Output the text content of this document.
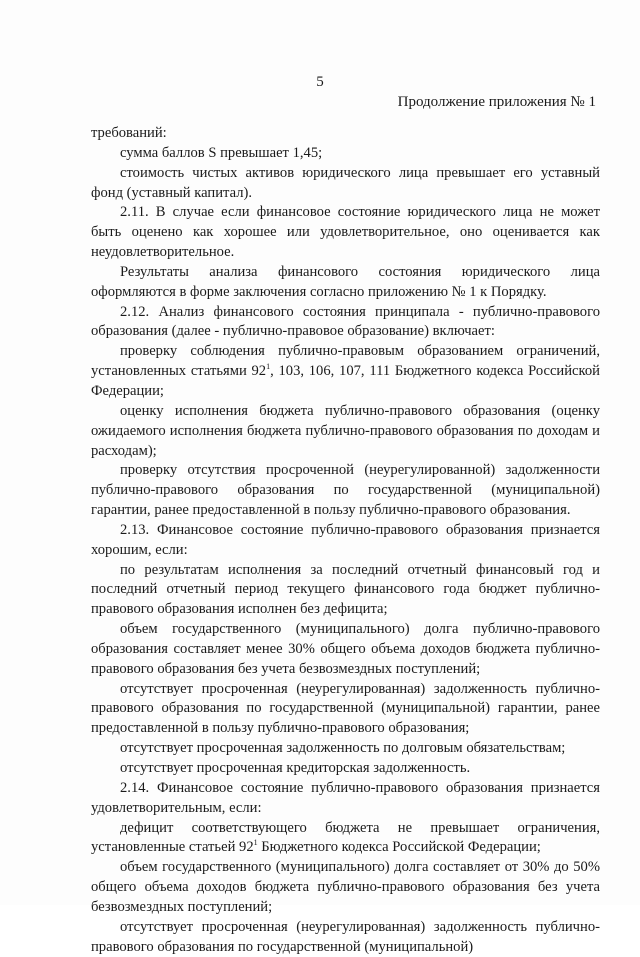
5
Продолжение приложения № 1

требований:

сумма баллов S превышает 1,45;

стоимость чистых активов юридического лица превышает его уставный фонд (уставный капитал).

2.11. В случае если финансовое состояние юридического лица не может быть оценено как хорошее или удовлетворительное, оно оценивается как неудовлетворительное.

Результаты анализа финансового состояния юридического лица оформляются в форме заключения согласно приложению № 1 к Порядку.

2.12. Анализ финансового состояния принципала - публично-правового образования (далее - публично-правовое образование) включает:

проверку соблюдения публично-правовым образованием ограничений, установленных статьями $92^1$, 103, 106, 107, 111 Бюджетного кодекса Российской Федерации;

оценку исполнения бюджета публично-правового образования (оценку ожидаемого исполнения бюджета публично-правового образования по доходам и расходам);

проверку отсутствия просроченной (неурегулированной) задолженности публично-правового образования по государственной (муниципальной) гарантии, ранее предоставленной в пользу публично-правового образования.

2.13. Финансовое состояние публично-правового образования признается хорошим, если:

по результатам исполнения за последний отчетный финансовый год и последний отчетный период текущего финансового года бюджет публично-правового образования исполнен без дефицита;

объем государственного (муниципального) долга публично-правового образования составляет менее 30% общего объема доходов бюджета публично-правового образования без учета безвозмездных поступлений;

отсутствует просроченная (неурегулированная) задолженность публично-правового образования по государственной (муниципальной) гарантии, ранее предоставленной в пользу публично-правового образования;

отсутствует просроченная задолженность по долговым обязательствам;

отсутствует просроченная кредиторская задолженность.

2.14. Финансовое состояние публично-правового образования признается удовлетворительным, если:

дефицит соответствующего бюджета не превышает ограничения, установленные статьей $92^1$ Бюджетного кодекса Российской Федерации;

объем государственного (муниципального) долга составляет от 30% до 50% общего объема доходов бюджета публично-правового образования без учета безвозмездных поступлений;

отсутствует просроченная (неурегулированная) задолженность публично-правового образования по государственной (муниципальной)
